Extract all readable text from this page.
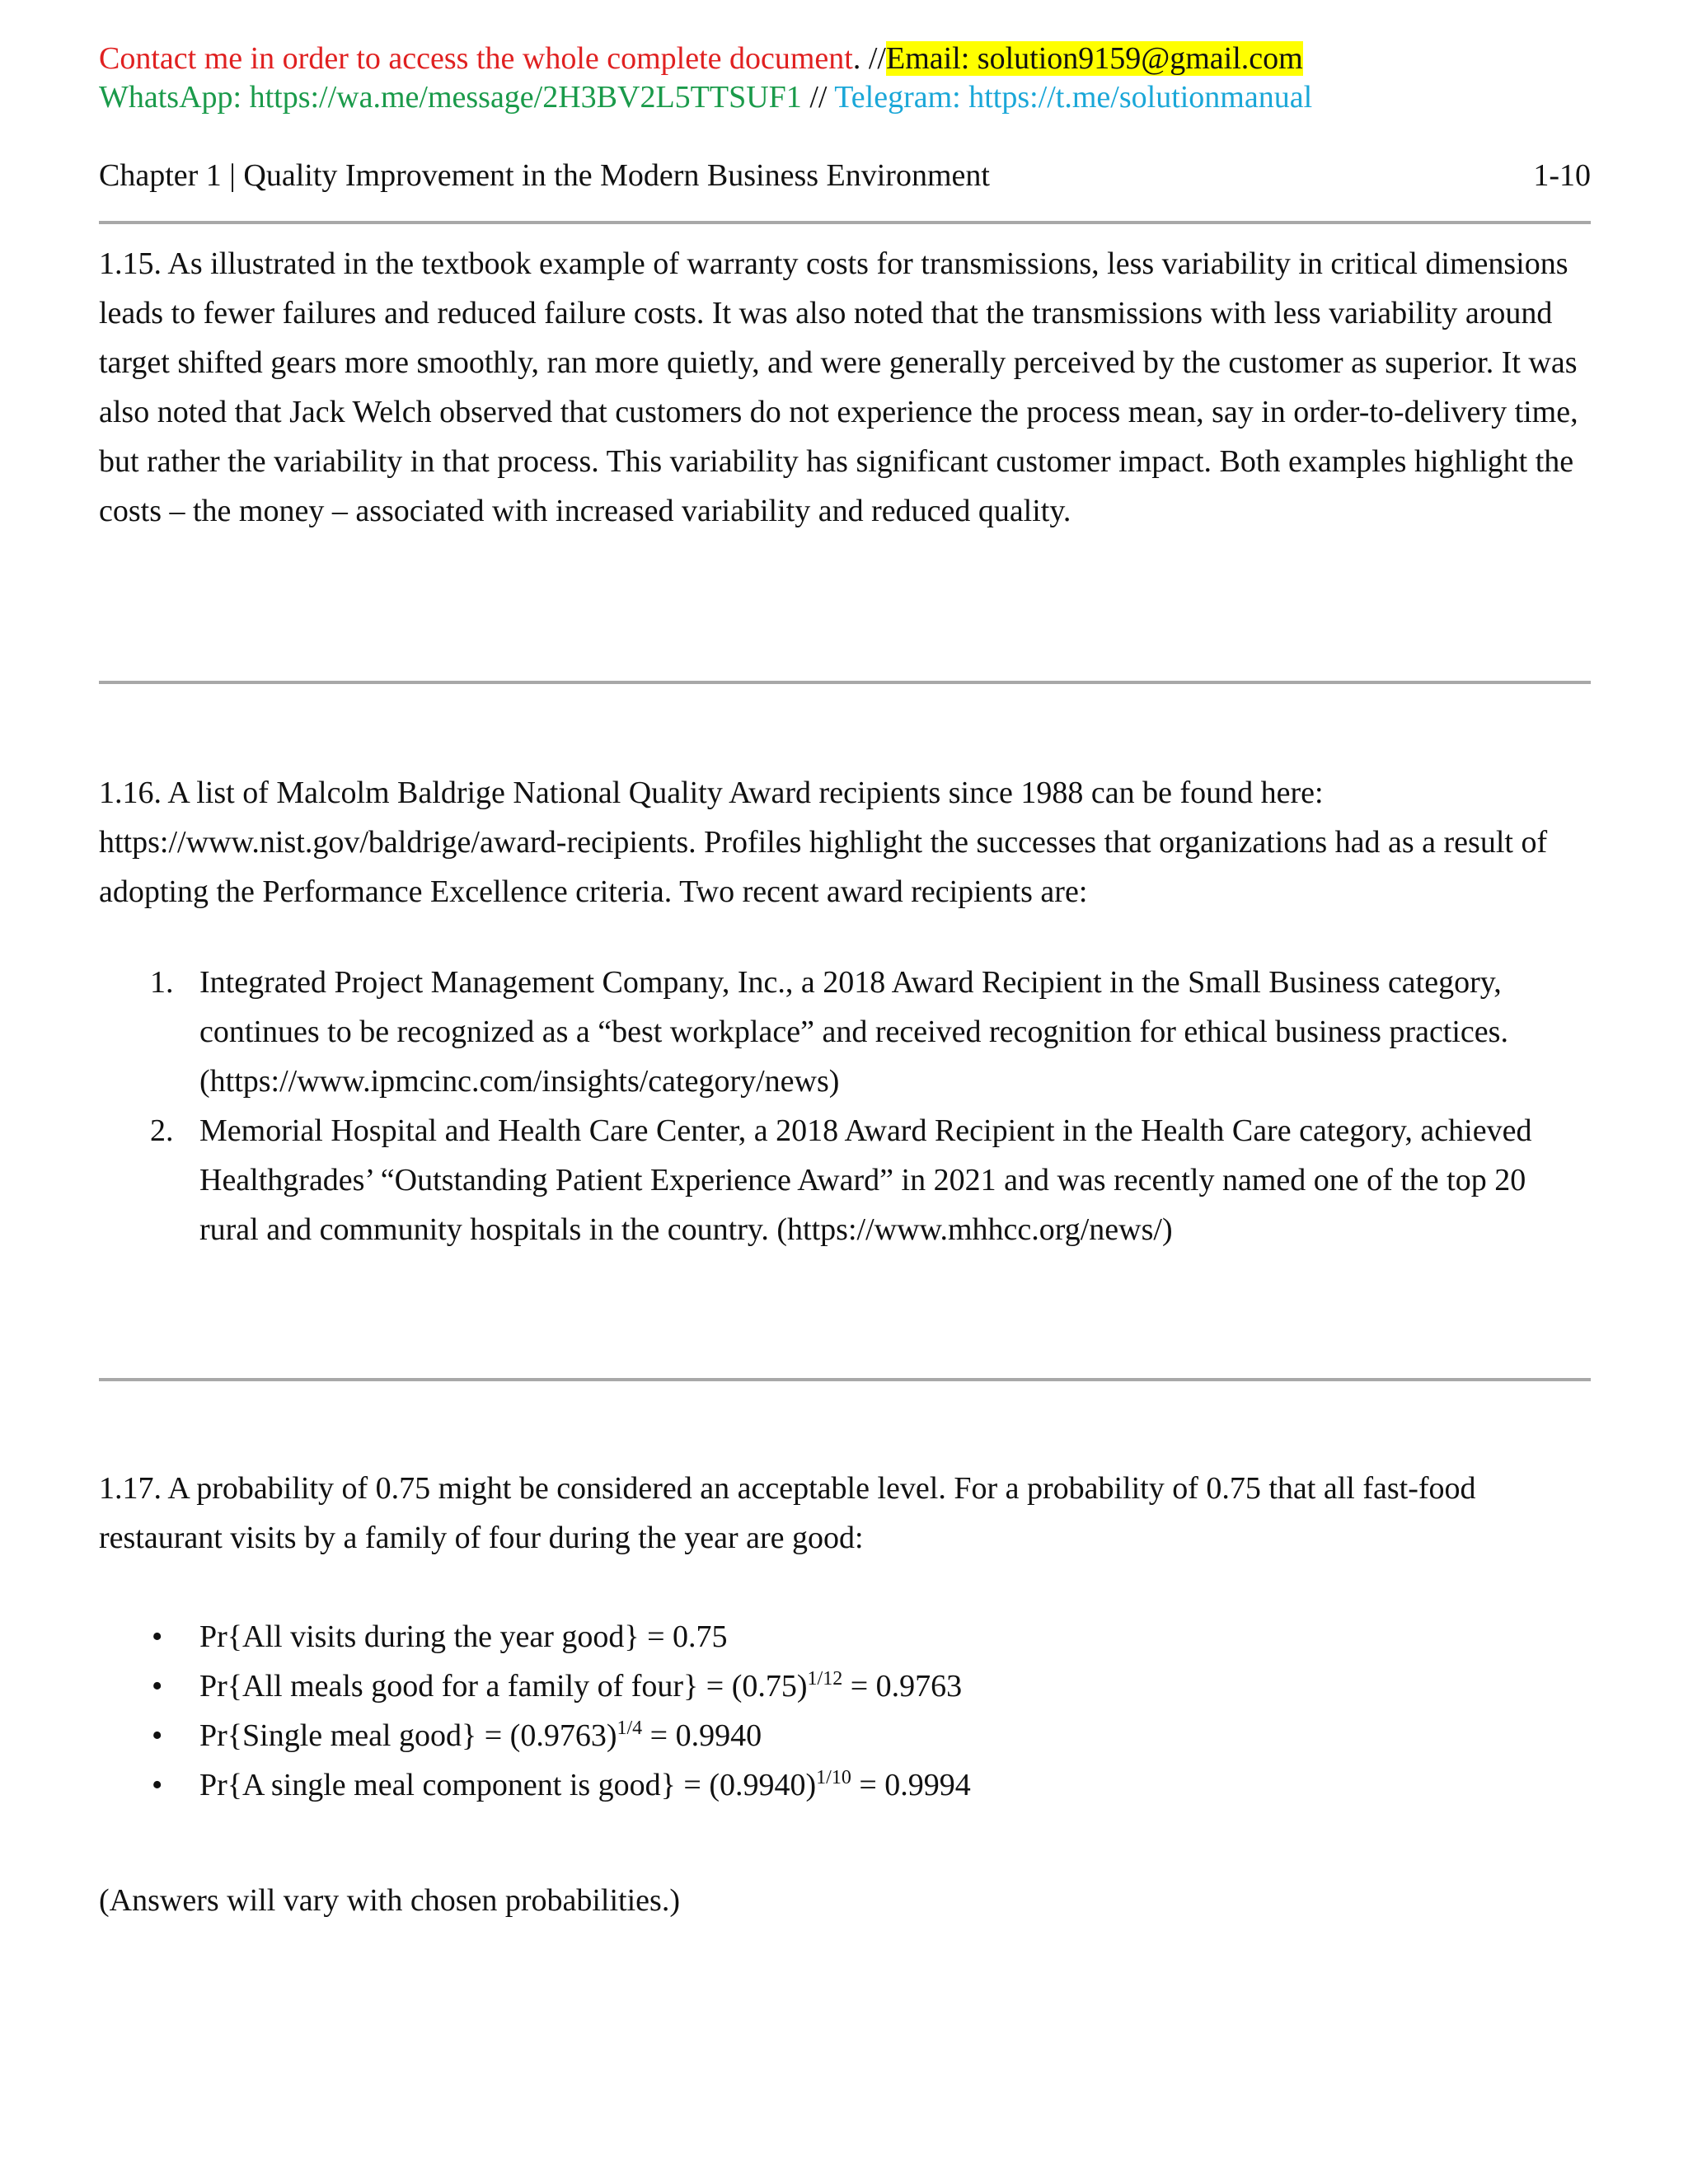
Contact me in order to access the whole complete document. //Email: solution9159@gmail.com
WhatsApp: https://wa.me/message/2H3BV2L5TTSUF1 // Telegram: https://t.me/solutionmanual
Chapter 1 | Quality Improvement in the Modern Business Environment	1-10

1.15. As illustrated in the textbook example of warranty costs for transmissions, less variability in critical dimensions leads to fewer failures and reduced failure costs. It was also noted that the transmissions with less variability around target shifted gears more smoothly, ran more quietly, and were generally perceived by the customer as superior. It was also noted that Jack Welch observed that customers do not experience the process mean, say in order-to-delivery time, but rather the variability in that process. This variability has significant customer impact. Both examples highlight the costs – the money – associated with increased variability and reduced quality.

1.16. A list of Malcolm Baldrige National Quality Award recipients since 1988 can be found here: https://www.nist.gov/baldrige/award-recipients. Profiles highlight the successes that organizations had as a result of adopting the Performance Excellence criteria. Two recent award recipients are:

1. Integrated Project Management Company, Inc., a 2018 Award Recipient in the Small Business category, continues to be recognized as a “best workplace” and received recognition for ethical business practices. (https://www.ipmcinc.com/insights/category/news)
2. Memorial Hospital and Health Care Center, a 2018 Award Recipient in the Health Care category, achieved Healthgrades’ “Outstanding Patient Experience Award” in 2021 and was recently named one of the top 20 rural and community hospitals in the country. (https://www.mhhcc.org/news/)

1.17. A probability of 0.75 might be considered an acceptable level. For a probability of 0.75 that all fast-food restaurant visits by a family of four during the year are good:

• Pr{All visits during the year good} = 0.75
• Pr{All meals good for a family of four} = $(0.75)^{1/12} = 0.9763$
• Pr{Single meal good} = $(0.9763)^{1/4} = 0.9940$
• Pr{A single meal component is good} = $(0.9940)^{1/10} = 0.9994$

(Answers will vary with chosen probabilities.)
